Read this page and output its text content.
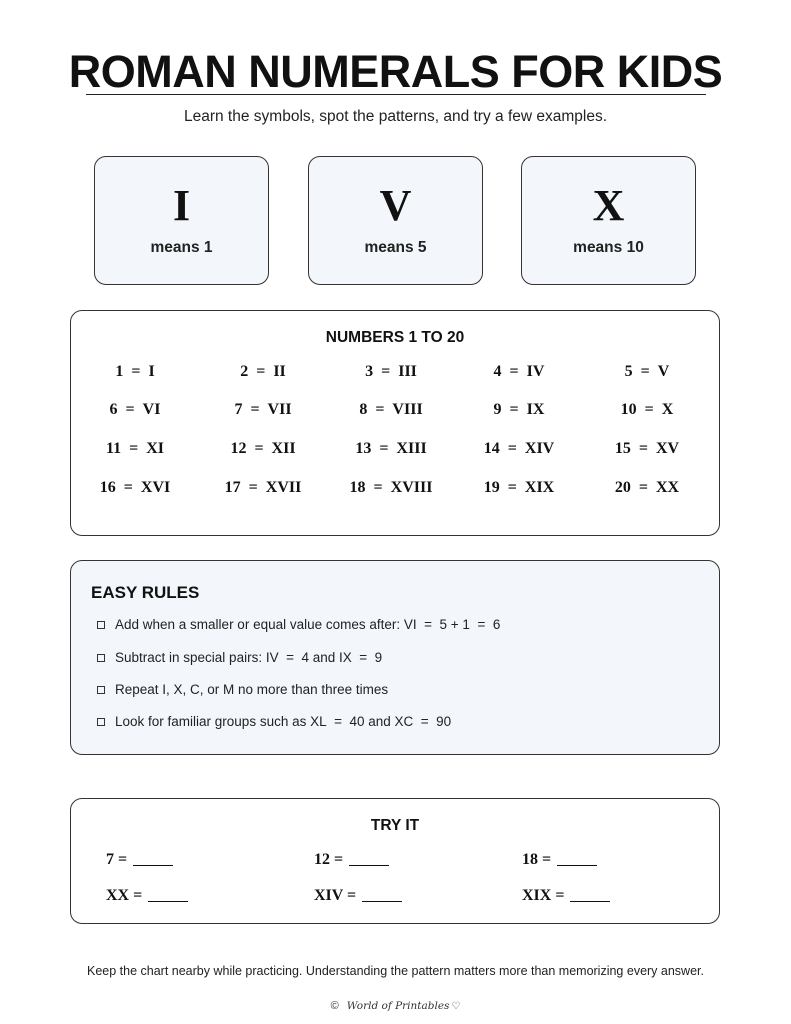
ROMAN NUMERALS FOR KIDS
Learn the symbols, spot the patterns, and try a few examples.
I
means 1
V
means 5
X
means 10
NUMBERS 1 TO 20
1  =  I	2  =  II	3  =  III	4  =  IV	5  =  V
6  =  VI	7  =  VII	8  =  VIII	9  =  IX	10  =  X
11  =  XI	12  =  XII	13  =  XIII	14  =  XIV	15  =  XV
16  =  XVI	17  =  XVII	18  =  XVIII	19  =  XIX	20  =  XX
EASY RULES
Add when a smaller or equal value comes after: VI  =  5 + 1  =  6
Subtract in special pairs: IV  =  4 and IX  =  9
Repeat I, X, C, or M no more than three times
Look for familiar groups such as XL  =  40 and XC  =  90
TRY IT
7 =	12 =	18 =
XX =	XIV =	XIX =
Keep the chart nearby while practicing. Understanding the pattern matters more than memorizing every answer.
© World of Printables ♡
